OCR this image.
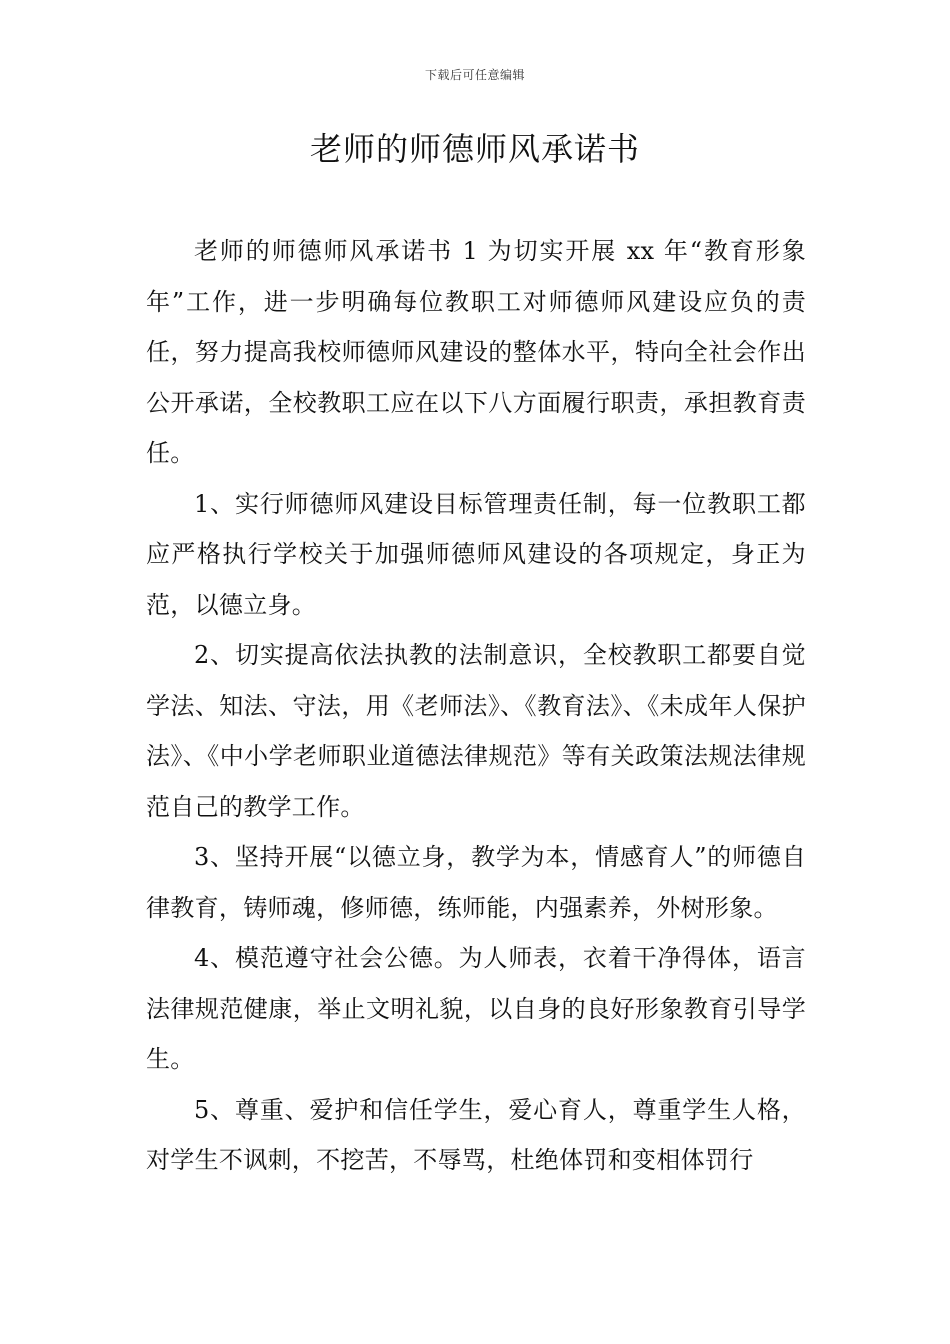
下载后可任意编辑
老师的师德师风承诺书

老师的师德师风承诺书 1 为切实开展 xx 年“教育形象年”工作，进一步明确每位教职工对师德师风建设应负的责任，努力提高我校师德师风建设的整体水平，特向全社会作出公开承诺，全校教职工应在以下八方面履行职责，承担教育责任。

1、实行师德师风建设目标管理责任制，每一位教职工都应严格执行学校关于加强师德师风建设的各项规定，身正为范，以德立身。

2、切实提高依法执教的法制意识，全校教职工都要自觉学法、知法、守法，用《老师法》、《教育法》、《未成年人保护法》、《中小学老师职业道德法律规范》等有关政策法规法律规范自己的教学工作。

3、坚持开展“以德立身，教学为本，情感育人”的师德自律教育，铸师魂，修师德，练师能，内强素养，外树形象。

4、模范遵守社会公德。为人师表，衣着干净得体，语言法律规范健康，举止文明礼貌，以自身的良好形象教育引导学生。

5、尊重、爱护和信任学生，爱心育人，尊重学生人格，对学生不讽刺，不挖苦，不辱骂，杜绝体罚和变相体罚行
